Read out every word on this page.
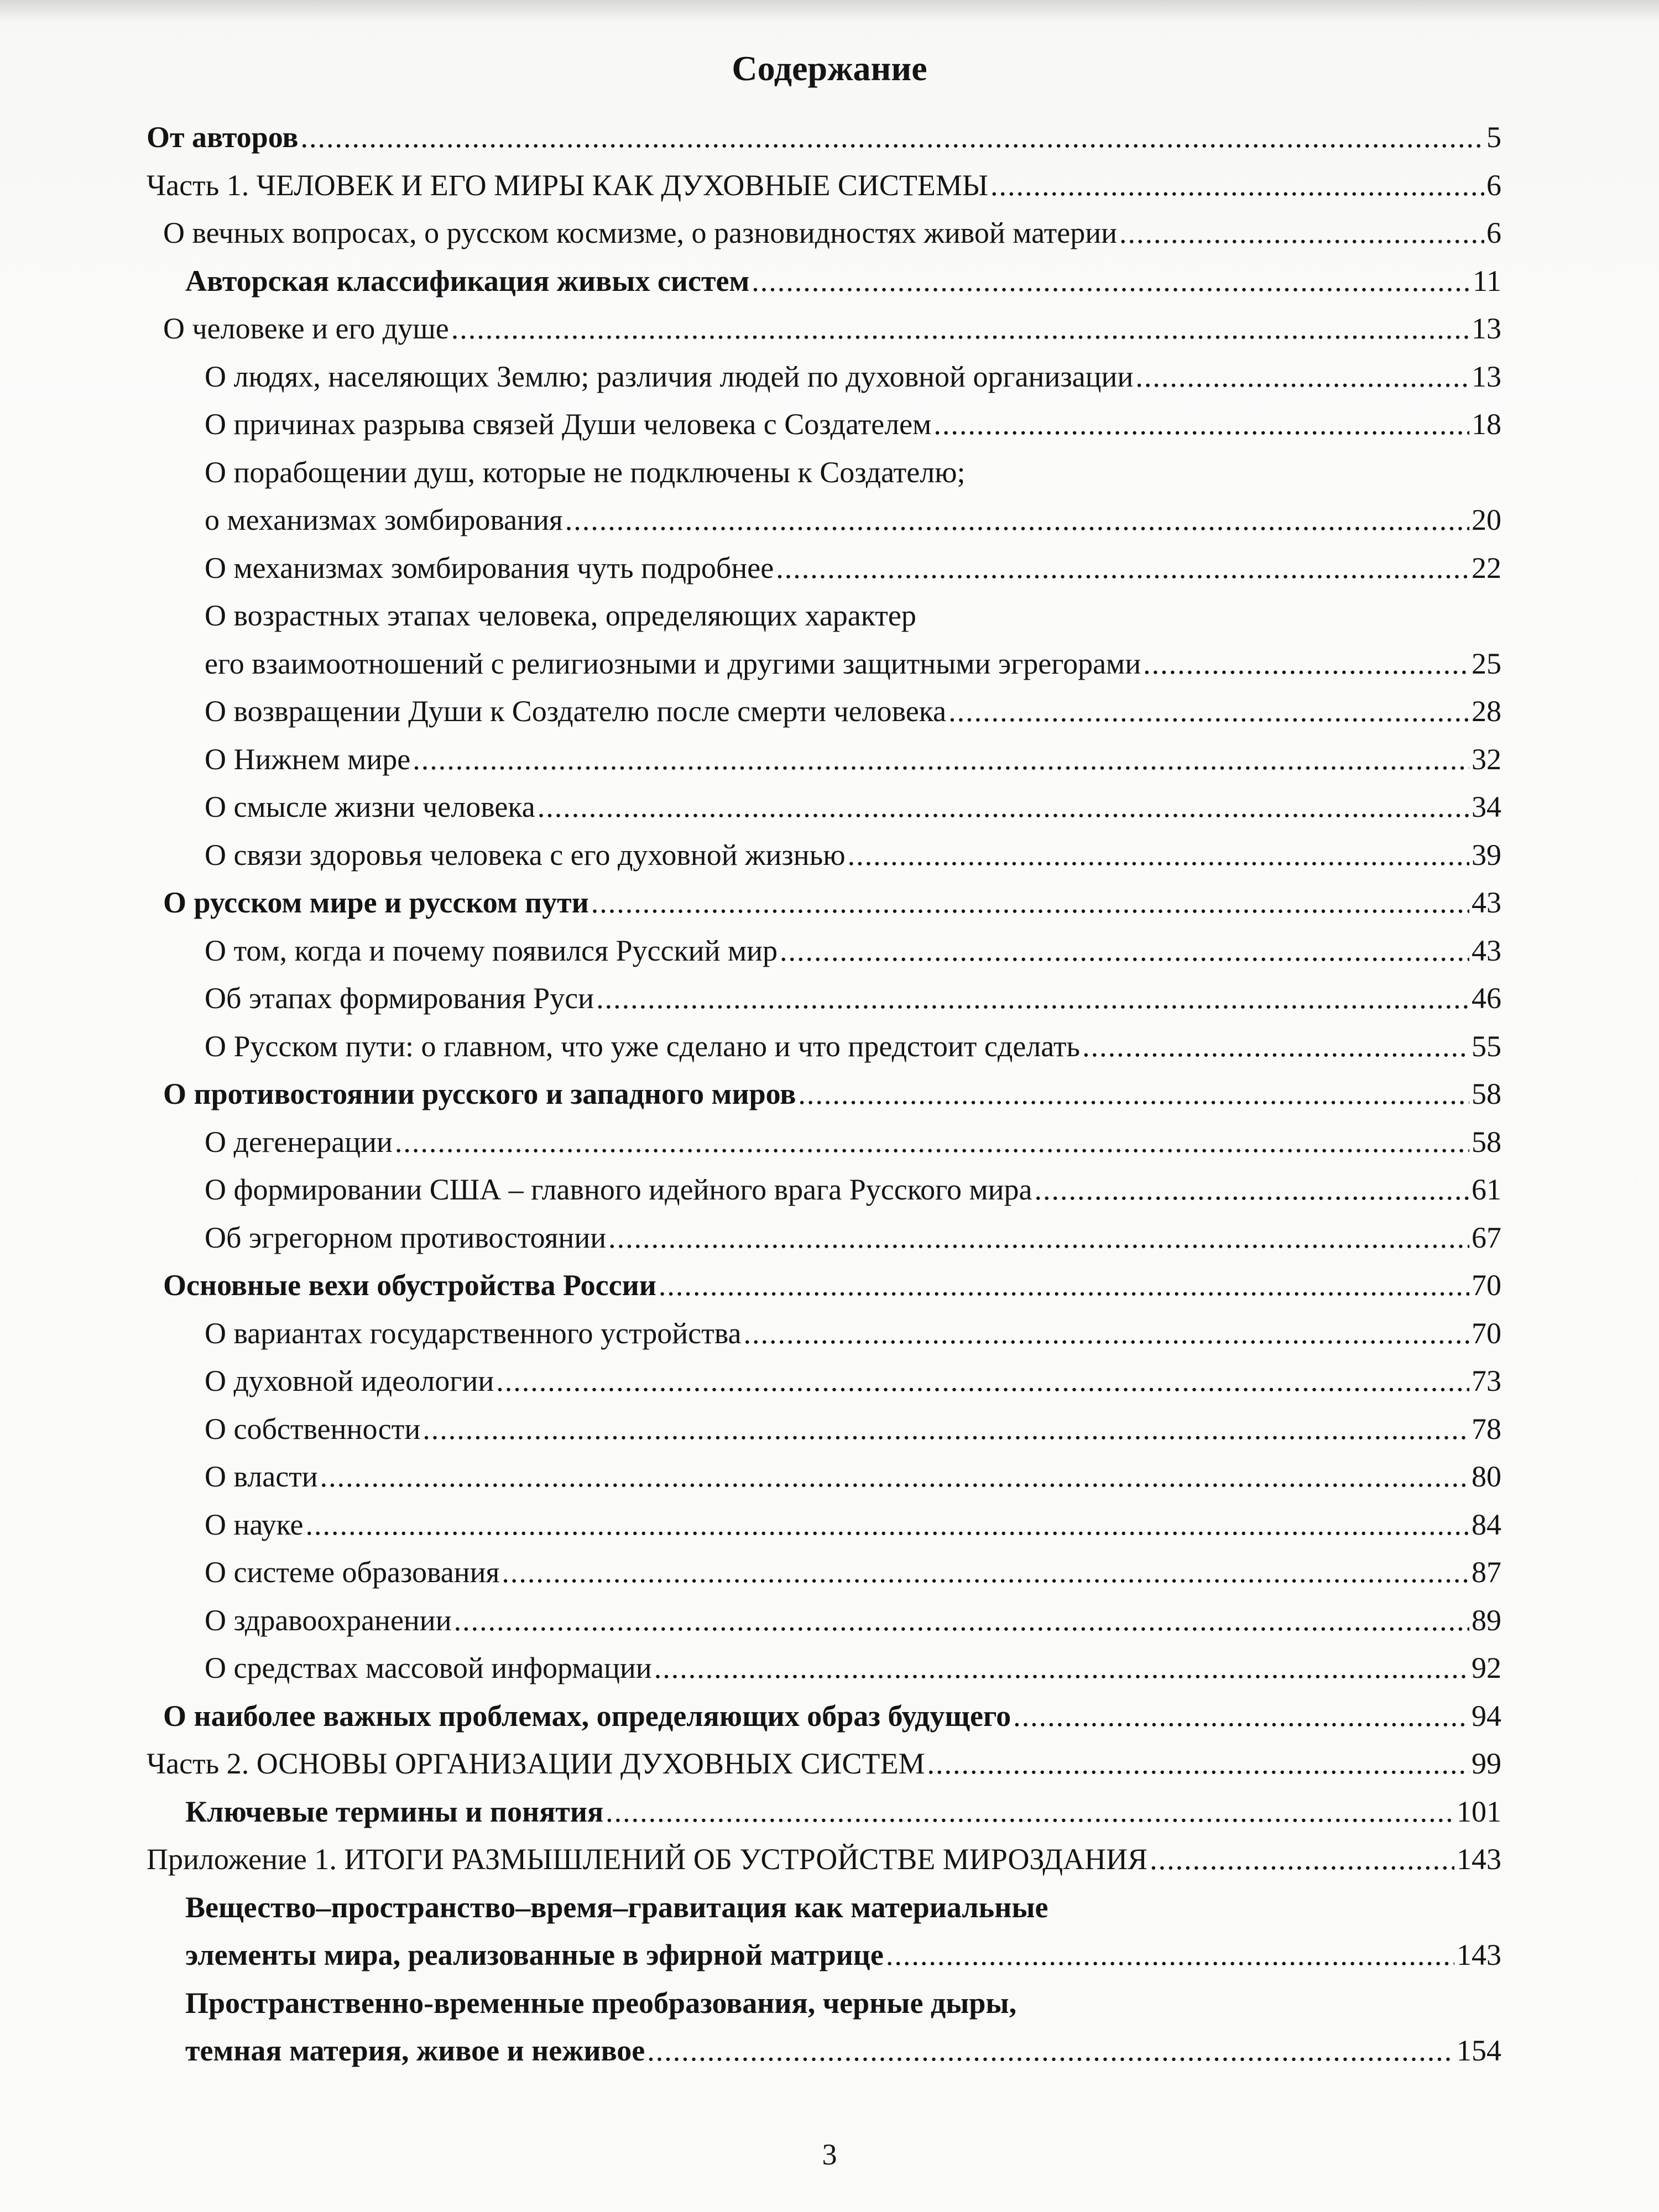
Содержание
От авторов .....	5
Часть 1. ЧЕЛОВЕК И ЕГО МИРЫ КАК ДУХОВНЫЕ СИСТЕМЫ .....	6
О вечных вопросах, о русском космизме, о разновидностях живой материи .....	6
Авторская классификация живых систем .....	11
О человеке и его душе .....	13
О людях, населяющих Землю; различия людей по духовной организации .....	13
О причинах разрыва связей Души человека с Создателем .....	18
О порабощении душ, которые не подключены к Создателю;
о механизмах зомбирования .....	20
О механизмах зомбирования чуть подробнее .....	22
О возрастных этапах человека, определяющих характер
его взаимоотношений с религиозными и другими защитными эгрегорами .....	25
О возвращении Души к Создателю после смерти человека .....	28
О Нижнем мире .....	32
О смысле жизни человека .....	34
О связи здоровья человека с его духовной жизнью .....	39
О русском мире и русском пути .....	43
О том, когда и почему появился Русский мир .....	43
Об этапах формирования Руси .....	46
О Русском пути: о главном, что уже сделано и что предстоит сделать .....	55
О противостоянии русского и западного миров .....	58
О дегенерации .....	58
О формировании США – главного идейного врага Русского мира .....	61
Об эгрегорном противостоянии .....	67
Основные вехи обустройства России .....	70
О вариантах государственного устройства .....	70
О духовной идеологии .....	73
О собственности .....	78
О власти .....	80
О науке .....	84
О системе образования .....	87
О здравоохранении .....	89
О средствах массовой информации .....	92
О наиболее важных проблемах, определяющих образ будущего .....	94
Часть 2. ОСНОВЫ ОРГАНИЗАЦИИ ДУХОВНЫХ СИСТЕМ .....	99
Ключевые термины и понятия .....	101
Приложение 1. ИТОГИ РАЗМЫШЛЕНИЙ ОБ УСТРОЙСТВЕ МИРОЗДАНИЯ .....	143
Вещество–пространство–время–гравитация как материальные
элементы мира, реализованные в эфирной матрице .....	143
Пространственно-временные преобразования, черные дыры,
темная материя, живое и неживое .....	154
3
